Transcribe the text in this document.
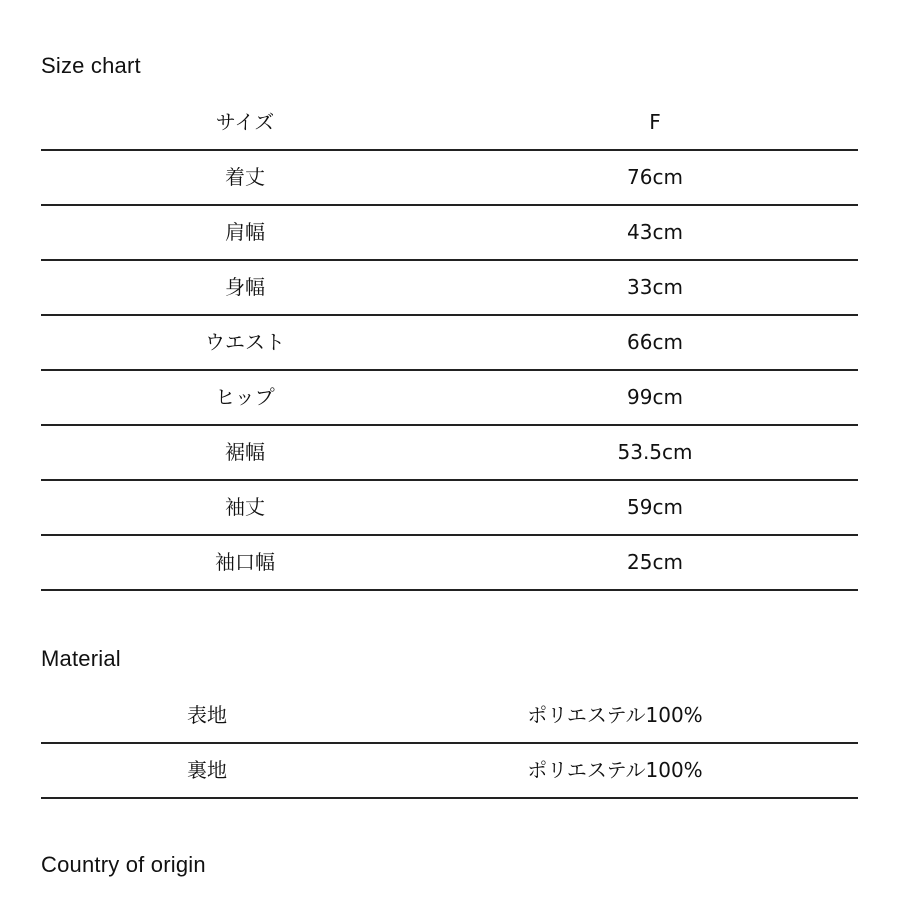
Size chart
サイズ	F
着丈	76cm
肩幅	43cm
身幅	33cm
ウエスト	66cm
ヒップ	99cm
裾幅	53.5cm
袖丈	59cm
袖口幅	25cm
Material
表地	ポリエステル100%
裏地	ポリエステル100%
Country of origin
